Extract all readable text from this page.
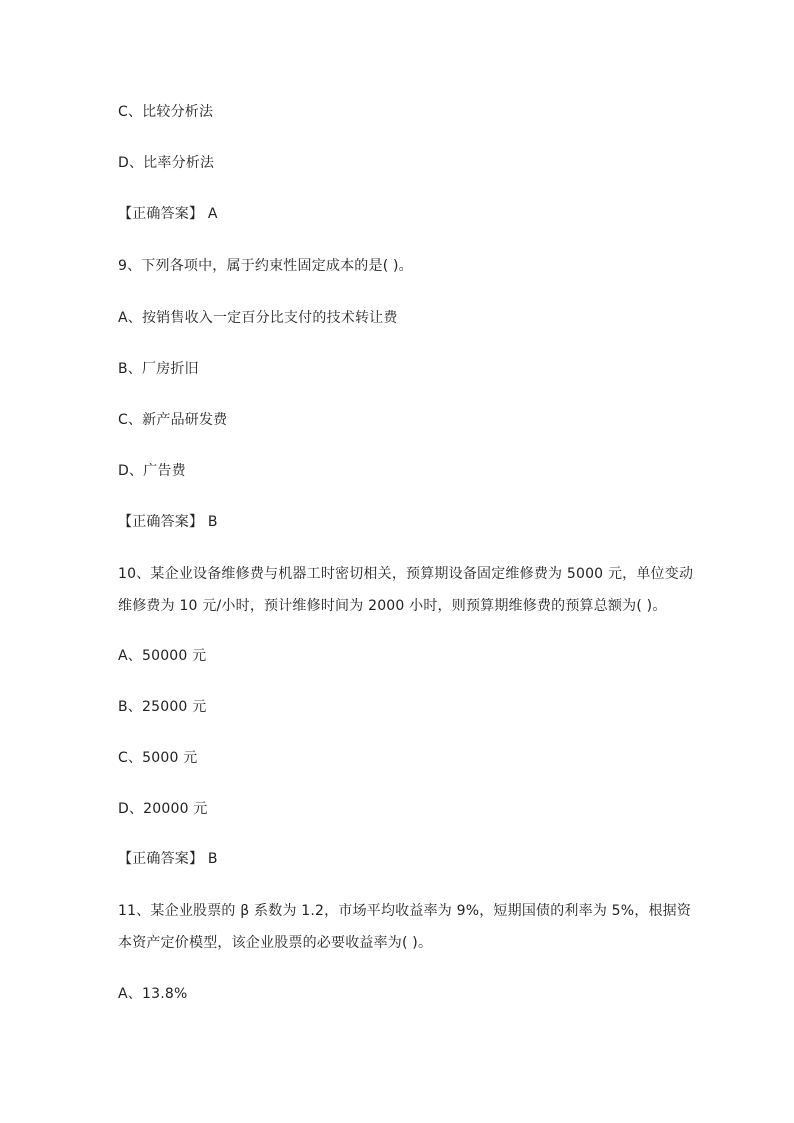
C、比较分析法
D、比率分析法
【正确答案】 A
9、下列各项中，属于约束性固定成本的是( )。
A、按销售收入一定百分比支付的技术转让费
B、厂房折旧
C、新产品研发费
D、广告费
【正确答案】 B
10、某企业设备维修费与机器工时密切相关，预算期设备固定维修费为 5000 元，单位变动
维修费为 10 元/小时，预计维修时间为 2000 小时，则预算期维修费的预算总额为( )。
A、50000 元
B、25000 元
C、5000 元
D、20000 元
【正确答案】 B
11、某企业股票的 β 系数为 1.2，市场平均收益率为 9%，短期国债的利率为 5%，根据资
本资产定价模型，该企业股票的必要收益率为( )。
A、13.8%
